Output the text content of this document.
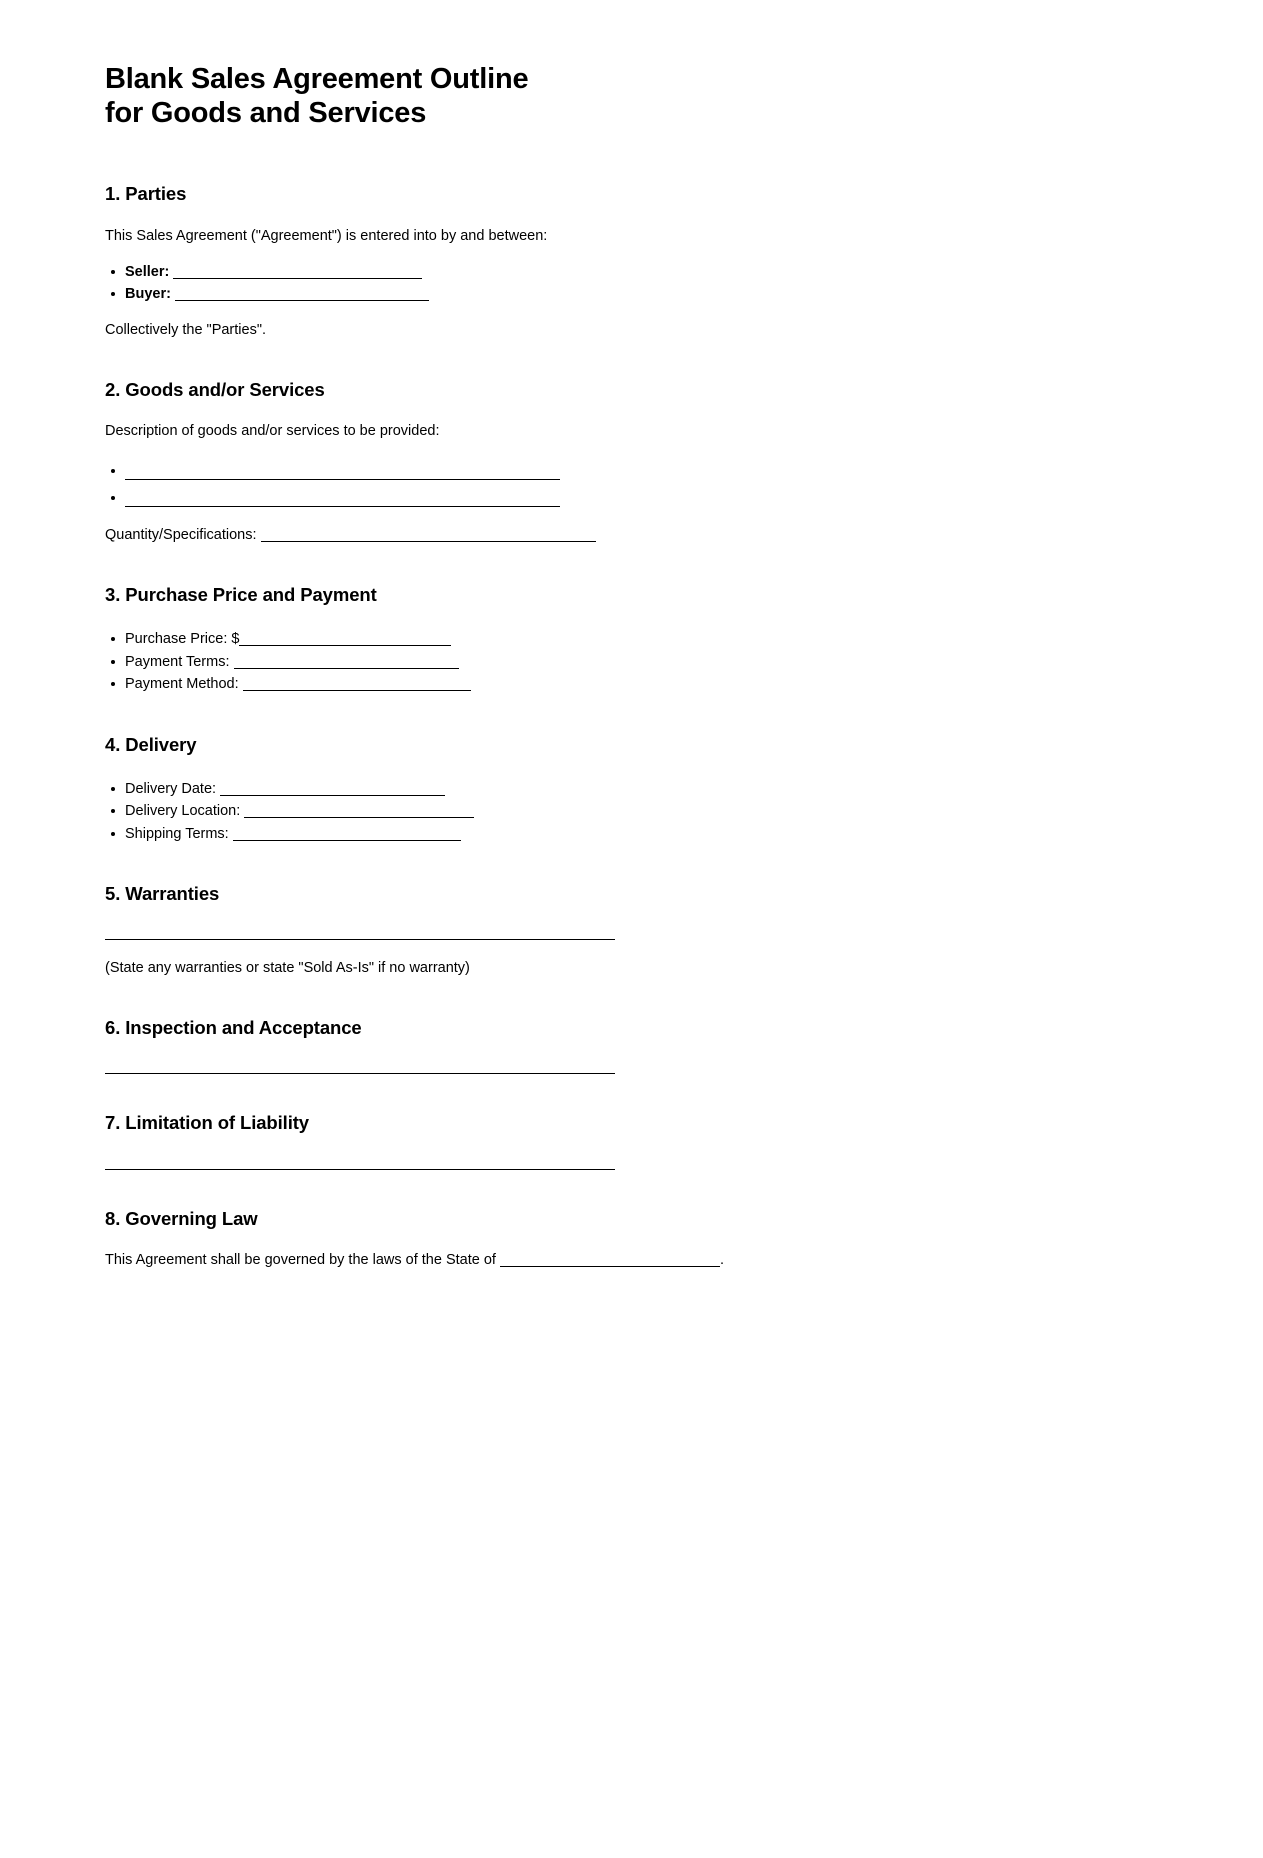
Blank Sales Agreement Outline
for Goods and Services
1. Parties

This Sales Agreement ("Agreement") is entered into by and between:

Seller:
Buyer:

Collectively the "Parties".

2. Goods and/or Services

Description of goods and/or services to be provided:

Quantity/Specifications:

3. Purchase Price and Payment
Purchase Price: $
Payment Terms:
Payment Method:
4. Delivery
Delivery Date:
Delivery Location:
Shipping Terms:
5. Warranties

(State any warranties or state "Sold As-Is" if no warranty)

6. Inspection and Acceptance
7. Limitation of Liability
8. Governing Law

This Agreement shall be governed by the laws of the State of	.
